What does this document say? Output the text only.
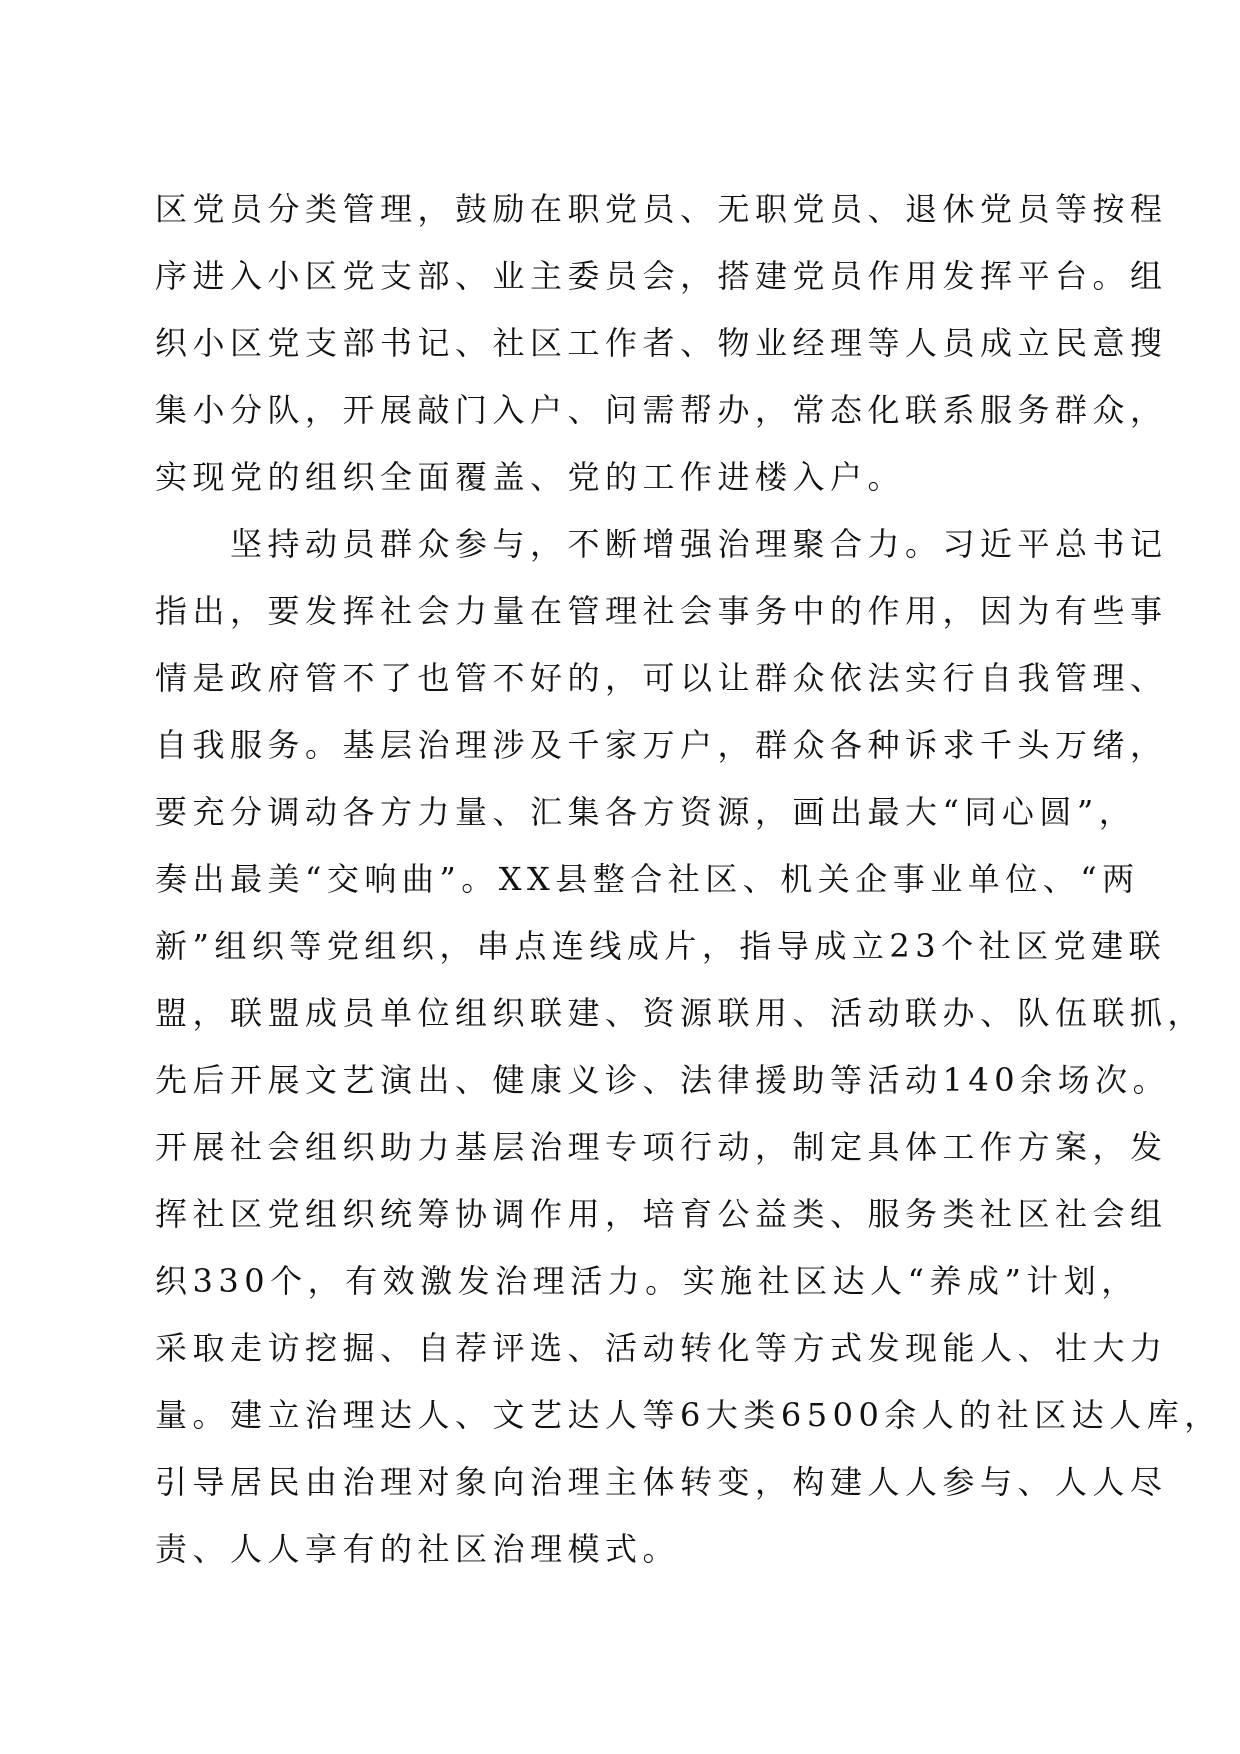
区党员分类管理，鼓励在职党员、无职党员、退休党员等按程
序进入小区党支部、业主委员会，搭建党员作用发挥平台。组
织小区党支部书记、社区工作者、物业经理等人员成立民意搜
集小分队，开展敲门入户、问需帮办，常态化联系服务群众，
实现党的组织全面覆盖、党的工作进楼入户。
　　坚持动员群众参与，不断增强治理聚合力。习近平总书记
指出，要发挥社会力量在管理社会事务中的作用，因为有些事
情是政府管不了也管不好的，可以让群众依法实行自我管理、
自我服务。基层治理涉及千家万户，群众各种诉求千头万绪，
要充分调动各方力量、汇集各方资源，画出最大“同心圆”，
奏出最美“交响曲”。XX县整合社区、机关企事业单位、“两
新”组织等党组织，串点连线成片，指导成立23个社区党建联
盟，联盟成员单位组织联建、资源联用、活动联办、队伍联抓，
先后开展文艺演出、健康义诊、法律援助等活动140余场次。
开展社会组织助力基层治理专项行动，制定具体工作方案，发
挥社区党组织统筹协调作用，培育公益类、服务类社区社会组
织330个，有效激发治理活力。实施社区达人“养成”计划，
采取走访挖掘、自荐评选、活动转化等方式发现能人、壮大力
量。建立治理达人、文艺达人等6大类6500余人的社区达人库，
引导居民由治理对象向治理主体转变，构建人人参与、人人尽
责、人人享有的社区治理模式。
